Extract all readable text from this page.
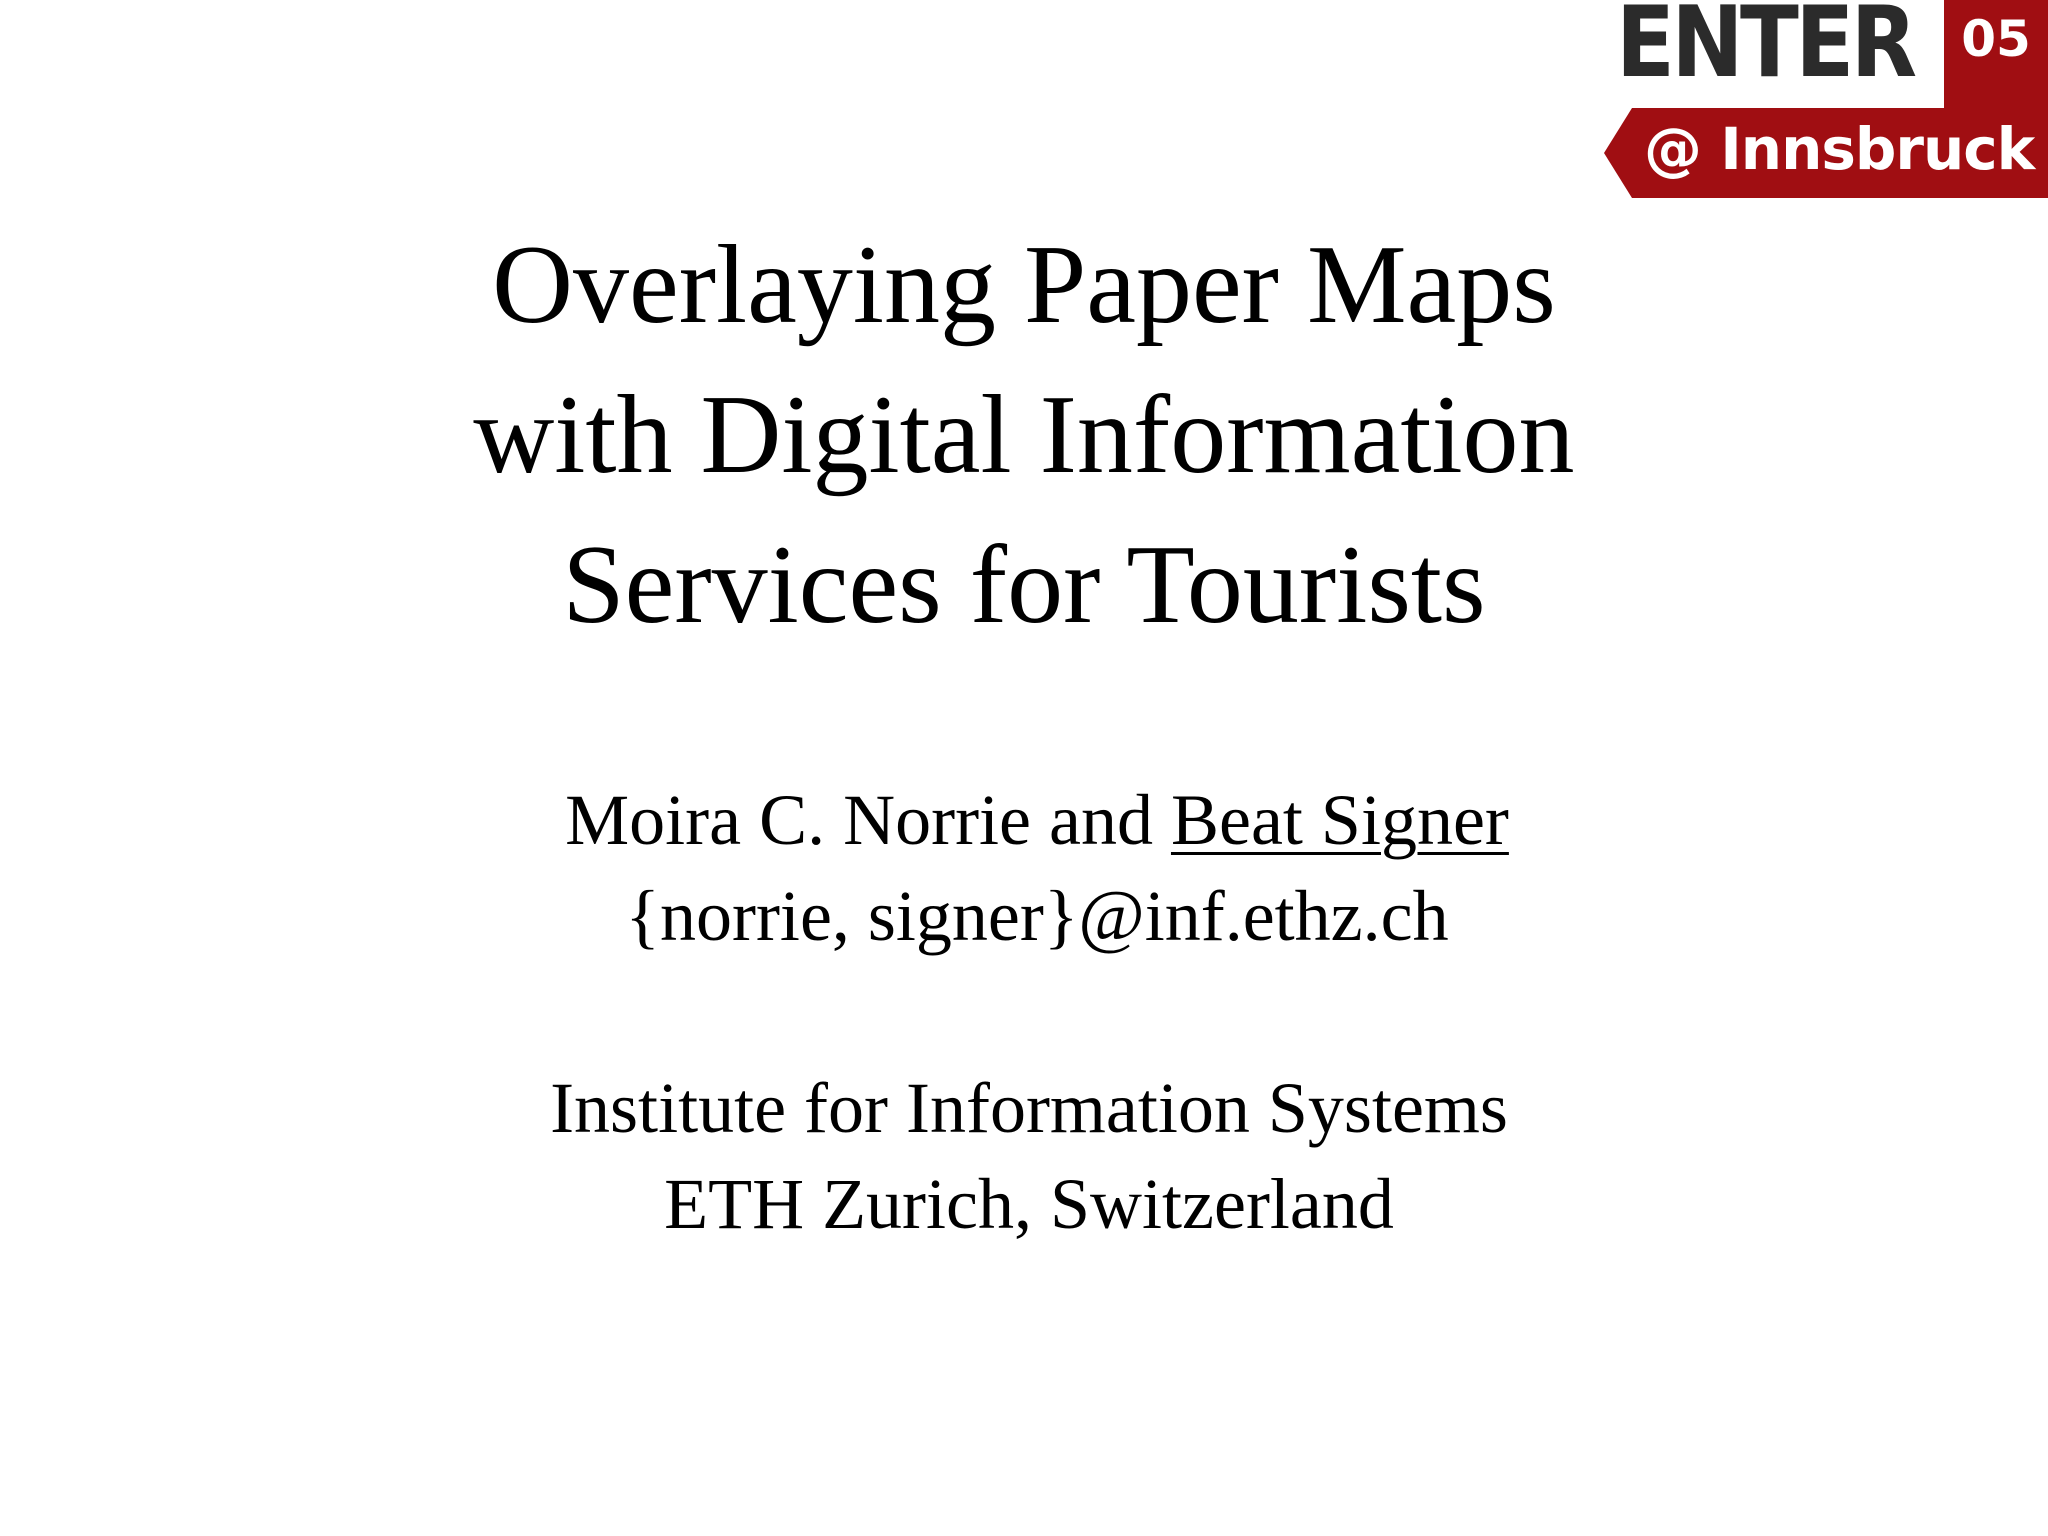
ENTER 05
@ Innsbruck
Overlaying Paper Maps
with Digital Information
Services for Tourists
Moira C. Norrie and Beat Signer
{norrie, signer}@inf.ethz.ch
Institute for Information Systems
ETH Zurich, Switzerland
